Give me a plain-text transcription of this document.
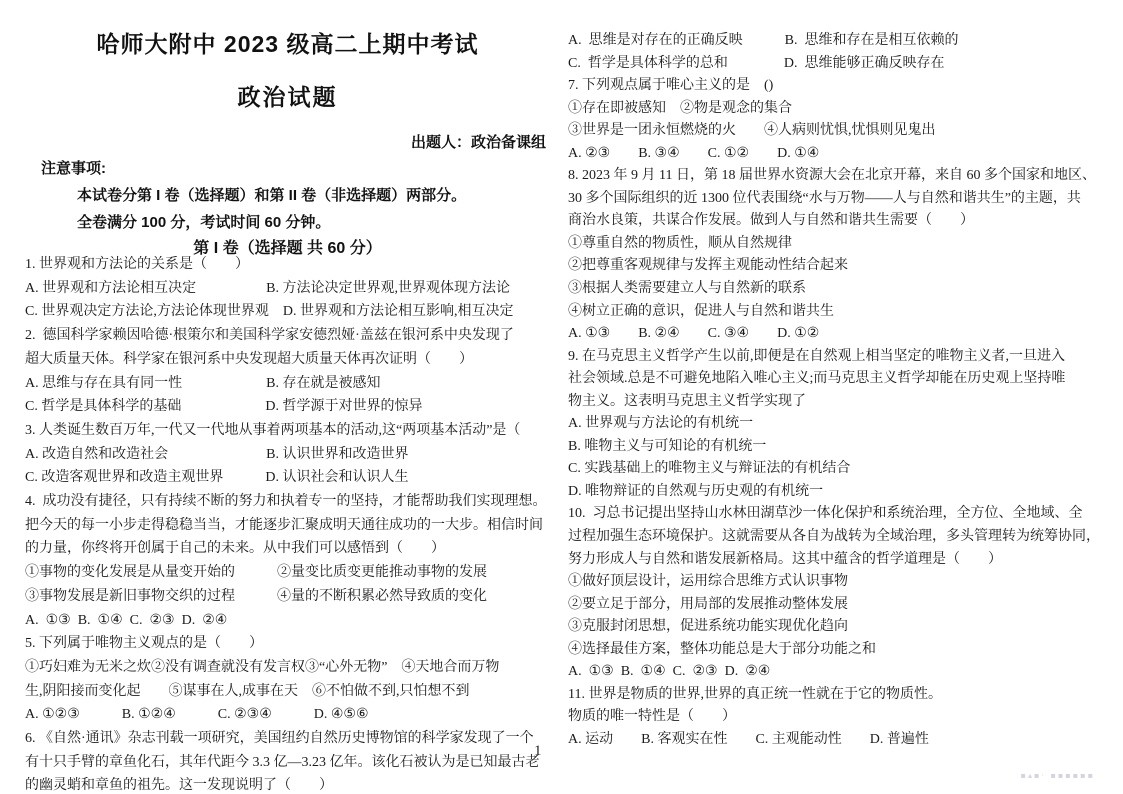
哈师大附中 2023 级高二上期中考试
政治试题
出题人：政治备课组
注意事项:
本试卷分第 I 卷（选择题）和第 II 卷（非选择题）两部分。
全卷满分 100 分，考试时间 60 分钟。
第 I 卷（选择题 共 60 分）
1. 世界观和方法论的关系是（　　）
A. 世界观和方法论相互决定　　　　　B. 方法论决定世界观,世界观体现方法论
C. 世界观决定方法论,方法论体现世界观　D. 世界观和方法论相互影响,相互决定
2.  德国科学家赖因哈德·根策尔和美国科学家安德烈娅·盖兹在银河系中央发现了
超大质量天体。科学家在银河系中央发现超大质量天体再次证明（　　）
A. 思维与存在具有同一性　　　　　　B. 存在就是被感知
C. 哲学是具体科学的基础　　　　　　D. 哲学源于对世界的惊异
3. 人类诞生数百万年,一代又一代地从事着两项基本的活动,这“两项基本活动”是（
A. 改造自然和改造社会　　　　　　　B. 认识世界和改造世界
C. 改造客观世界和改造主观世界　　　D. 认识社会和认识人生
4.  成功没有捷径，只有持续不断的努力和执着专一的坚持，才能帮助我们实现理想。
把今天的每一小步走得稳稳当当，才能逐步汇聚成明天通往成功的一大步。相信时间
的力量，你终将开创属于自己的未来。从中我们可以感悟到（　　）
①事物的变化发展是从量变开始的　　　②量变比质变更能推动事物的发展
③事物发展是新旧事物交织的过程　　　④量的不断积累必然导致质的变化
A.  ①③  B.  ①④  C.  ②③  D.  ②④
5. 下列属于唯物主义观点的是（　　）
①巧妇难为无米之炊②没有调查就没有发言权③“心外无物”　④天地合而万物
生,阴阳接而变化起　　⑤谋事在人,成事在天　⑥不怕做不到,只怕想不到
A. ①②③　　　B. ①②④　　　C. ②③④　　　D. ④⑤⑥
6. 《自然·通讯》杂志刊载一项研究，美国纽约自然历史博物馆的科学家发现了一个
有十只手臂的章鱼化石，其年代距今 3.3 亿—3.23 亿年。该化石被认为是已知最古老
的幽灵蛸和章鱼的祖先。这一发现说明了（　　）
A.  思维是对存在的正确反映　　　B.  思维和存在是相互依赖的
C.  哲学是具体科学的总和　　　　D.  思维能够正确反映存在
7. 下列观点属于唯心主义的是　()
①存在即被感知　②物是观念的集合
③世界是一团永恒燃烧的火　　④人病则忧惧,忧惧则见鬼出
A. ②③　　B. ③④　　C. ①②　　D. ①④
8. 2023 年 9 月 11 日，第 18 届世界水资源大会在北京开幕，来自 60 多个国家和地区、
30 多个国际组织的近 1300 位代表围绕“水与万物——人与自然和谐共生”的主题，共
商治水良策，共谋合作发展。做到人与自然和谐共生需要（　　）
①尊重自然的物质性，顺从自然规律
②把尊重客观规律与发挥主观能动性结合起来
③根据人类需要建立人与自然新的联系
④树立正确的意识，促进人与自然和谐共生
A. ①③　　B. ②④　　C. ③④　　D. ①②
9. 在马克思主义哲学产生以前,即便是在自然观上相当坚定的唯物主义者,一旦进入
社会领域.总是不可避免地陷入唯心主义;而马克思主义哲学却能在历史观上坚持唯
物主义。这表明马克思主义哲学实现了
A. 世界观与方法论的有机统一
B. 唯物主义与可知论的有机统一
C. 实践基础上的唯物主义与辩证法的有机结合
D. 唯物辩证的自然观与历史观的有机统一
10.  习总书记提出坚持山水林田湖草沙一体化保护和系统治理，全方位、全地域、全
过程加强生态环境保护。这就需要从各自为战转为全域治理，多头管理转为统筹协同，
努力形成人与自然和谐发展新格局。这其中蕴含的哲学道理是（　　）
①做好顶层设计，运用综合思维方式认识事物
②要立足于部分，用局部的发展推动整体发展
③克服封闭思想，促进系统功能实现优化趋向
④选择最佳方案，整体功能总是大于部分功能之和
A.  ①③  B.  ①④  C.  ②③  D.  ②④
11. 世界是物质的世界,世界的真正统一性就在于它的物质性。
物质的唯一特性是（　　）
A. 运动　　B. 客观实在性　　C. 主观能动性　　D. 普遍性
1
▪▴▪· ▪▪▪▪▪▪
